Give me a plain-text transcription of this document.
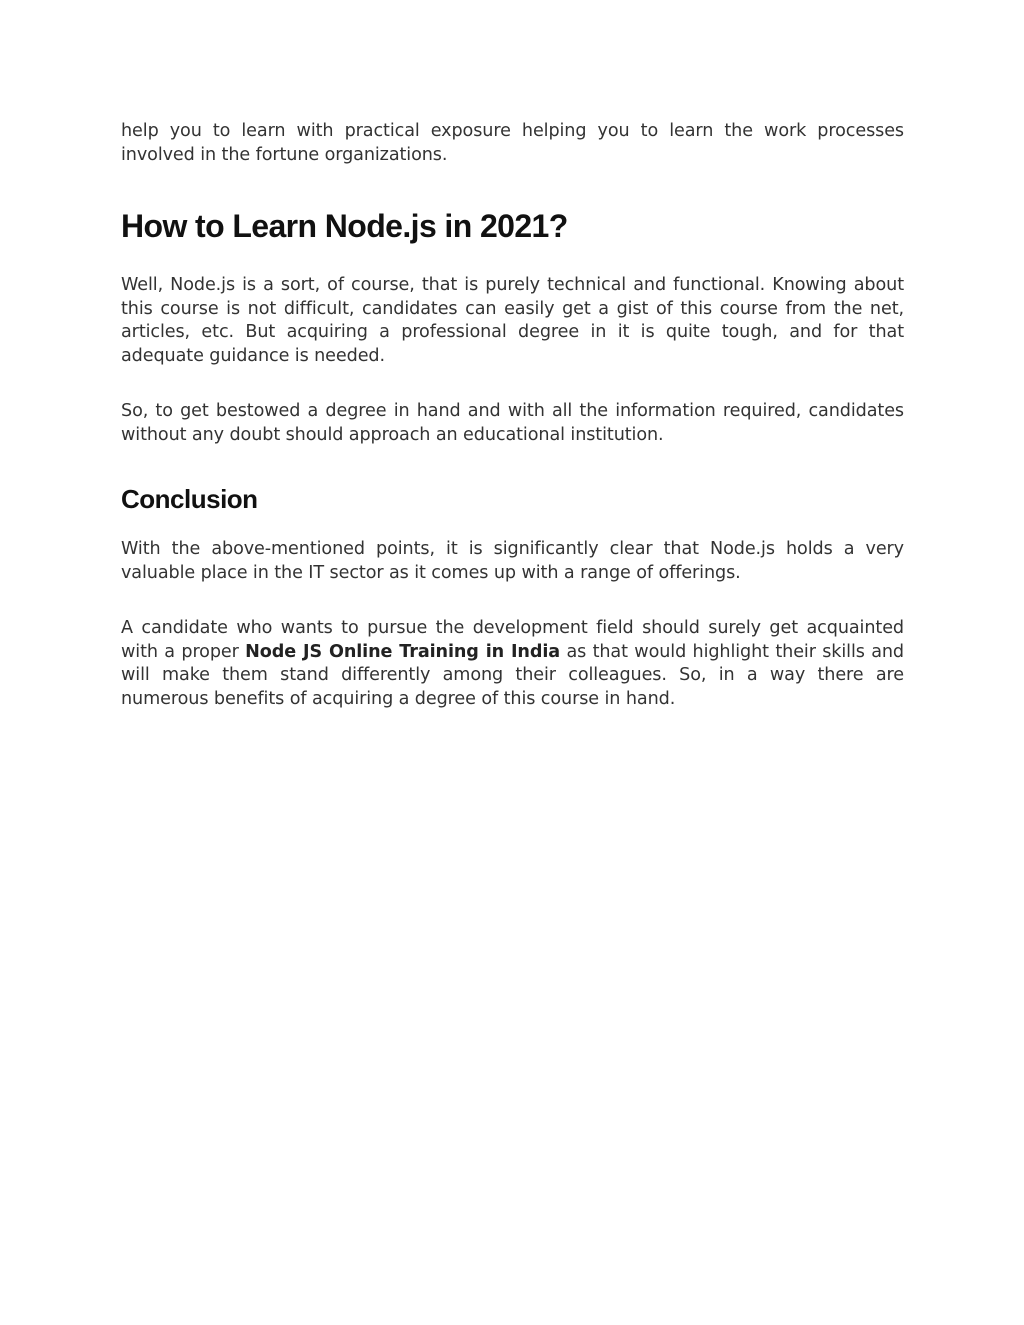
help you to learn with practical exposure helping you to learn the work processes involved in the fortune organizations.

How to Learn Node.js in 2021?

Well, Node.js is a sort, of course, that is purely technical and functional. Knowing about this course is not difficult, candidates can easily get a gist of this course from the net, articles, etc. But acquiring a professional degree in it is quite tough, and for that adequate guidance is needed.

So, to get bestowed a degree in hand and with all the information required, candidates without any doubt should approach an educational institution.

Conclusion

With the above-mentioned points, it is significantly clear that Node.js holds a very valuable place in the IT sector as it comes up with a range of offerings.

A candidate who wants to pursue the development field should surely get acquainted with a proper Node JS Online Training in India as that would highlight their skills and will make them stand differently among their colleagues. So, in a way there are numerous benefits of acquiring a degree of this course in hand.
